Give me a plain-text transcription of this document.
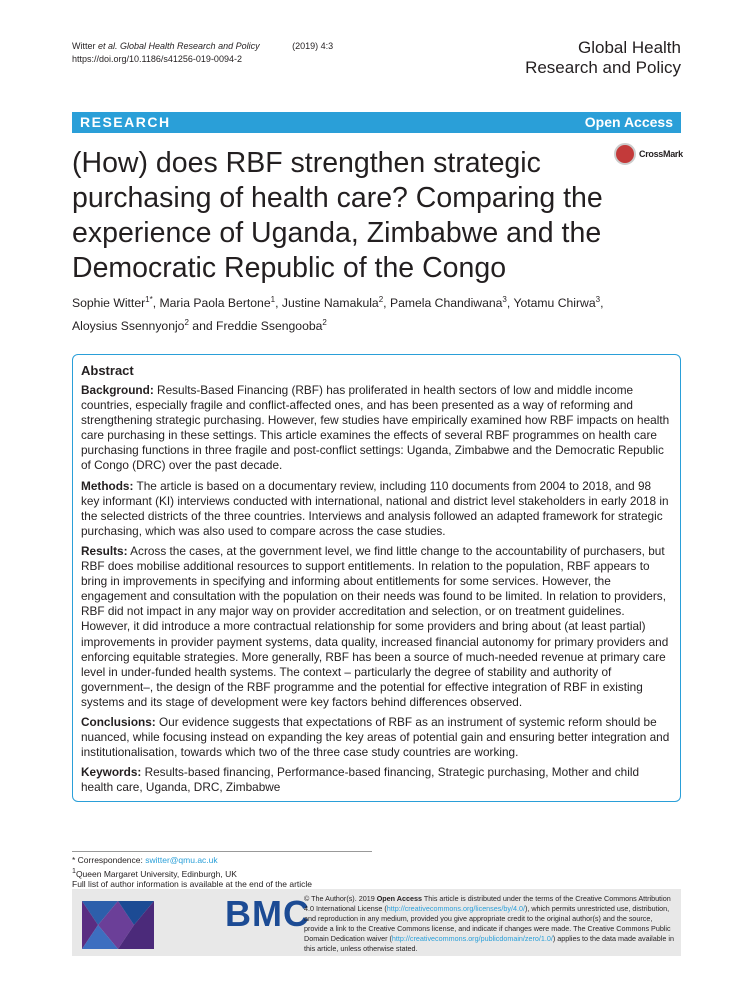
Witter et al. Global Health Research and Policy	(2019) 4:3
https://doi.org/10.1186/s41256-019-0094-2
Global Health
Research and Policy
RESEARCH	Open Access
(How) does RBF strengthen strategic purchasing of health care? Comparing the experience of Uganda, Zimbabwe and the Democratic Republic of the Congo
CrossMark
Sophie Witter$^{1*}$, Maria Paola Bertone$^1$, Justine Namakula$^2$, Pamela Chandiwana$^3$, Yotamu Chirwa$^3$,
Aloysius Ssennyonjo$^2$ and Freddie Ssengooba$^2$
Abstract

Background: Results-Based Financing (RBF) has proliferated in health sectors of low and middle income countries, especially fragile and conflict-affected ones, and has been presented as a way of reforming and strengthening strategic purchasing. However, few studies have empirically examined how RBF impacts on health care purchasing in these settings. This article examines the effects of several RBF programmes on health care purchasing functions in three fragile and post-conflict settings: Uganda, Zimbabwe and the Democratic Republic of Congo (DRC) over the past decade.

Methods: The article is based on a documentary review, including 110 documents from 2004 to 2018, and 98 key informant (KI) interviews conducted with international, national and district level stakeholders in early 2018 in the selected districts of the three countries. Interviews and analysis followed an adapted framework for strategic purchasing, which was also used to compare across the case studies.

Results: Across the cases, at the government level, we find little change to the accountability of purchasers, but RBF does mobilise additional resources to support entitlements. In relation to the population, RBF appears to bring in improvements in specifying and informing about entitlements for some services. However, the engagement and consultation with the population on their needs was found to be limited. In relation to providers, RBF did not impact in any major way on provider accreditation and selection, or on treatment guidelines. However, it did introduce a more contractual relationship for some providers and bring about (at least partial) improvements in provider payment systems, data quality, increased financial autonomy for primary providers and enforcing equitable strategies. More generally, RBF has been a source of much-needed revenue at primary care level in under-funded health systems. The context – particularly the degree of stability and authority of government–, the design of the RBF programme and the potential for effective integration of RBF in existing systems and its stage of development were key factors behind differences observed.

Conclusions: Our evidence suggests that expectations of RBF as an instrument of systemic reform should be nuanced, while focusing instead on expanding the key areas of potential gain and ensuring better integration and institutionalisation, towards which two of the three case study countries are working.

Keywords: Results-based financing, Performance-based financing, Strategic purchasing, Mother and child health care, Uganda, DRC, Zimbabwe

* Correspondence: switter@qmu.ac.uk
$^1$Queen Margaret University, Edinburgh, UK
Full list of author information is available at the end of the article
BMC
© The Author(s). 2019 Open Access This article is distributed under the terms of the Creative Commons Attribution 4.0 International License (http://creativecommons.org/licenses/by/4.0/), which permits unrestricted use, distribution, and reproduction in any medium, provided you give appropriate credit to the original author(s) and the source, provide a link to the Creative Commons license, and indicate if changes were made. The Creative Commons Public Domain Dedication waiver (http://creativecommons.org/publicdomain/zero/1.0/) applies to the data made available in this article, unless otherwise stated.
